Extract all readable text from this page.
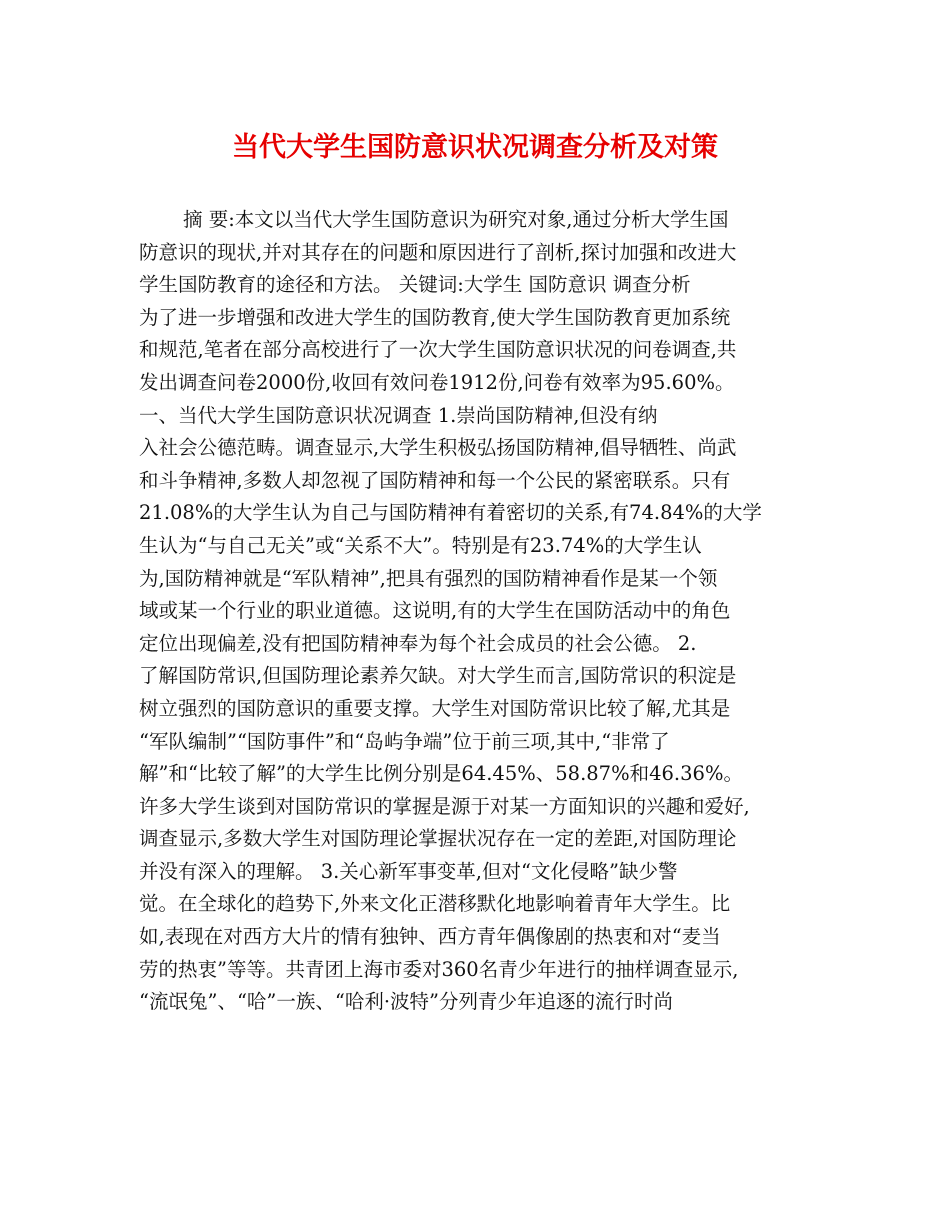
当代大学生国防意识状况调查分析及对策
摘 要:本文以当代大学生国防意识为研究对象,通过分析大学生国
防意识的现状,并对其存在的问题和原因进行了剖析,探讨加强和改进大
学生国防教育的途径和方法。 关键词:大学生 国防意识 调查分析
为了进一步增强和改进大学生的国防教育,使大学生国防教育更加系统
和规范,笔者在部分高校进行了一次大学生国防意识状况的问卷调查,共
发出调查问卷2000份,收回有效问卷1912份,问卷有效率为95.60%。
一、当代大学生国防意识状况调查 1.崇尚国防精神,但没有纳
入社会公德范畴。调查显示,大学生积极弘扬国防精神,倡导牺牲、尚武
和斗争精神,多数人却忽视了国防精神和每一个公民的紧密联系。只有
21.08%的大学生认为自己与国防精神有着密切的关系,有74.84%的大学
生认为“与自己无关”或“关系不大”。特别是有23.74%的大学生认
为,国防精神就是“军队精神”,把具有强烈的国防精神看作是某一个领
域或某一个行业的职业道德。这说明,有的大学生在国防活动中的角色
定位出现偏差,没有把国防精神奉为每个社会成员的社会公德。 2.
了解国防常识,但国防理论素养欠缺。对大学生而言,国防常识的积淀是
树立强烈的国防意识的重要支撑。大学生对国防常识比较了解,尤其是
“军队编制”“国防事件”和“岛屿争端”位于前三项,其中,“非常了
解”和“比较了解”的大学生比例分别是64.45%、58.87%和46.36%。
许多大学生谈到对国防常识的掌握是源于对某一方面知识的兴趣和爱好,
调查显示,多数大学生对国防理论掌握状况存在一定的差距,对国防理论
并没有深入的理解。 3.关心新军事变革,但对“文化侵略”缺少警
觉。在全球化的趋势下,外来文化正潜移默化地影响着青年大学生。比
如,表现在对西方大片的情有独钟、西方青年偶像剧的热衷和对“麦当
劳的热衷”等等。共青团上海市委对360名青少年进行的抽样调查显示,
“流氓兔”、“哈”一族、“哈利·波特”分列青少年追逐的流行时尚
